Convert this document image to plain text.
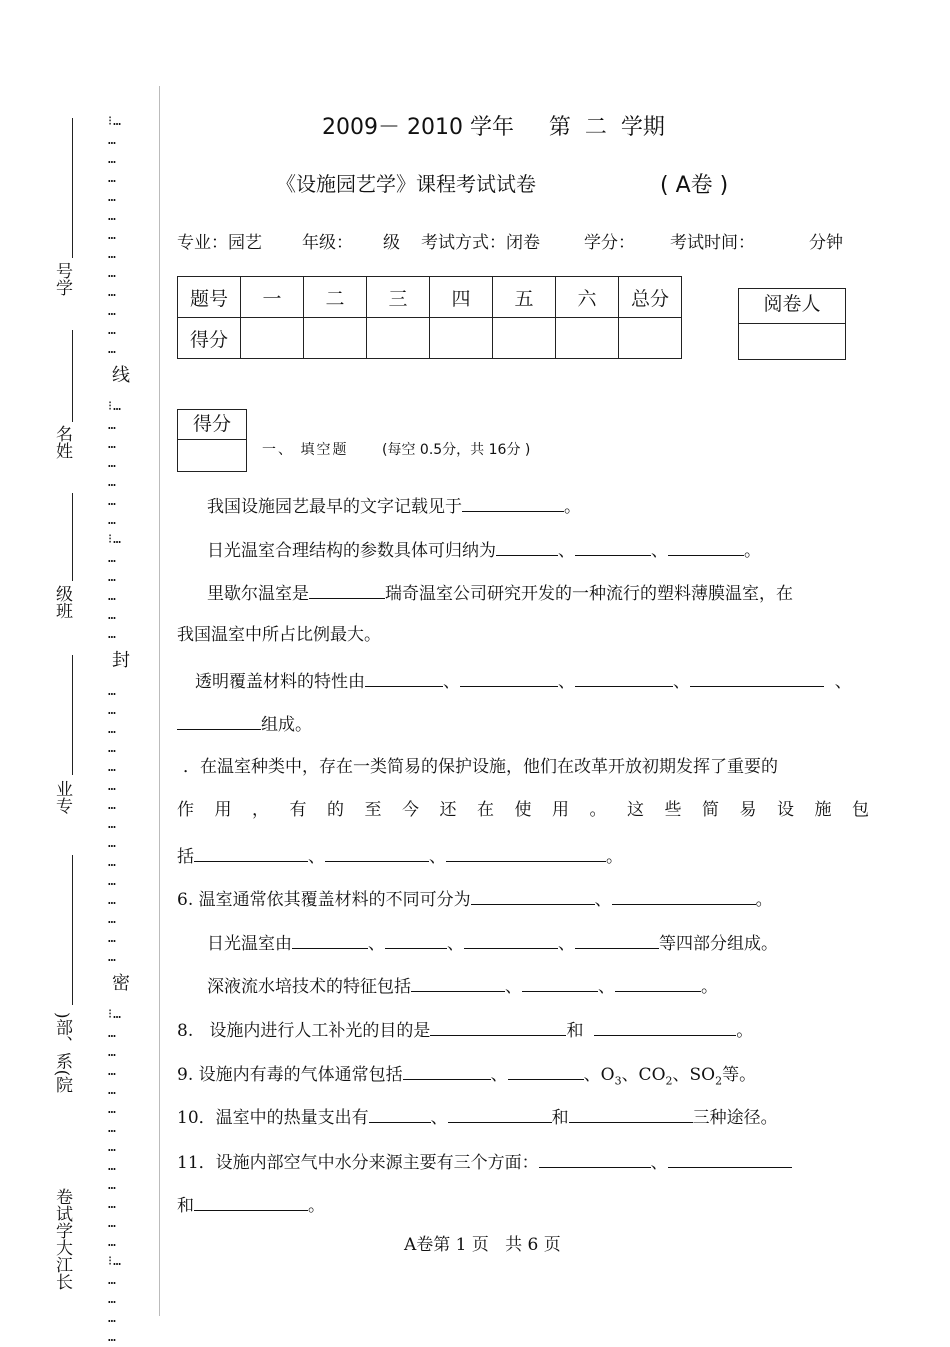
号学
名姓
级班
业专
)部、系(院
卷试学大江长
⁝…
…
…
…
…
…
…
…
…
…
…
…
…
线
⁝…
…
…
…
…
…
…
⁝…
…
…
…
…
…
封
…
…
…
…
…
…
…
…
…
…
…
…
…
…
…
密
⁝…
…
…
…
…
…
…
…
…
…
…
…
…
⁝…
…
…
…
…
2009－ 2010 学年     第  二  学期
《设施园艺学》课程考试试卷	( A卷 )
专业：园艺 年级： 级 考试方式：闭卷	学分： 考试时间：	分钟
题号	一	二	三	四	五	六	总分
得分							
阅卷人
得分
一、 填空题 (每空 0.5分，共 16分 )
我国设施园艺最早的文字记载见于	。
日光温室合理结构的参数具体可归纳为	、	、	。
里歇尔温室是	瑞奇温室公司研究开发的一种流行的塑料薄膜温室，在
我国温室中所占比例最大。
透明覆盖材料的特性由	、	、	、	、
组成。
．在温室种类中，存在一类简易的保护设施，他们在改革开放初期发挥了重要的
作用，有的至今还在使用。这些简易设施包
括	、	、	。
6. 温室通常依其覆盖材料的不同可分为	、	。
日光温室由	、	、	、	等四部分组成。
深液流水培技术的特征包括	、	、	。
8.   设施内进行人工补光的目的是	和	。
9. 设施内有毒的气体通常包括	、	、$O_3$、$CO_2$、$SO_2$等。
10．温室中的热量支出有	、	和	三种途径。
11．设施内部空气中水分来源主要有三个方面：	、
和	。
A卷第 1 页   共 6 页
